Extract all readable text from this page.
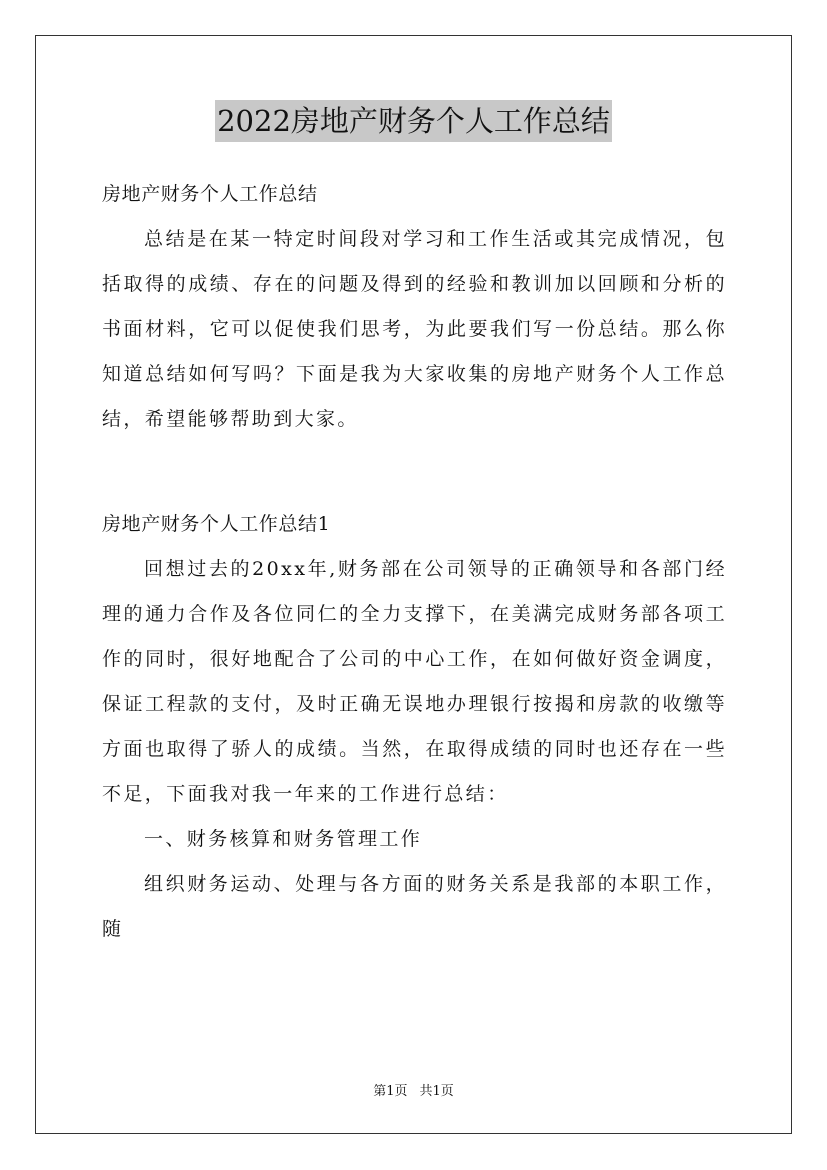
2022房地产财务个人工作总结

房地产财务个人工作总结

总结是在某一特定时间段对学习和工作生活或其完成情况，包括取得的成绩、存在的问题及得到的经验和教训加以回顾和分析的书面材料，它可以促使我们思考，为此要我们写一份总结。那么你知道总结如何写吗？下面是我为大家收集的房地产财务个人工作总结，希望能够帮助到大家。

房地产财务个人工作总结1

回想过去的20xx年,财务部在公司领导的正确领导和各部门经理的通力合作及各位同仁的全力支撑下，在美满完成财务部各项工作的同时，很好地配合了公司的中心工作，在如何做好资金调度，保证工程款的支付，及时正确无误地办理银行按揭和房款的收缴等方面也取得了骄人的成绩。当然，在取得成绩的同时也还存在一些不足，下面我对我一年来的工作进行总结：

一、财务核算和财务管理工作

组织财务运动、处理与各方面的财务关系是我部的本职工作，随

第1页 共1页
